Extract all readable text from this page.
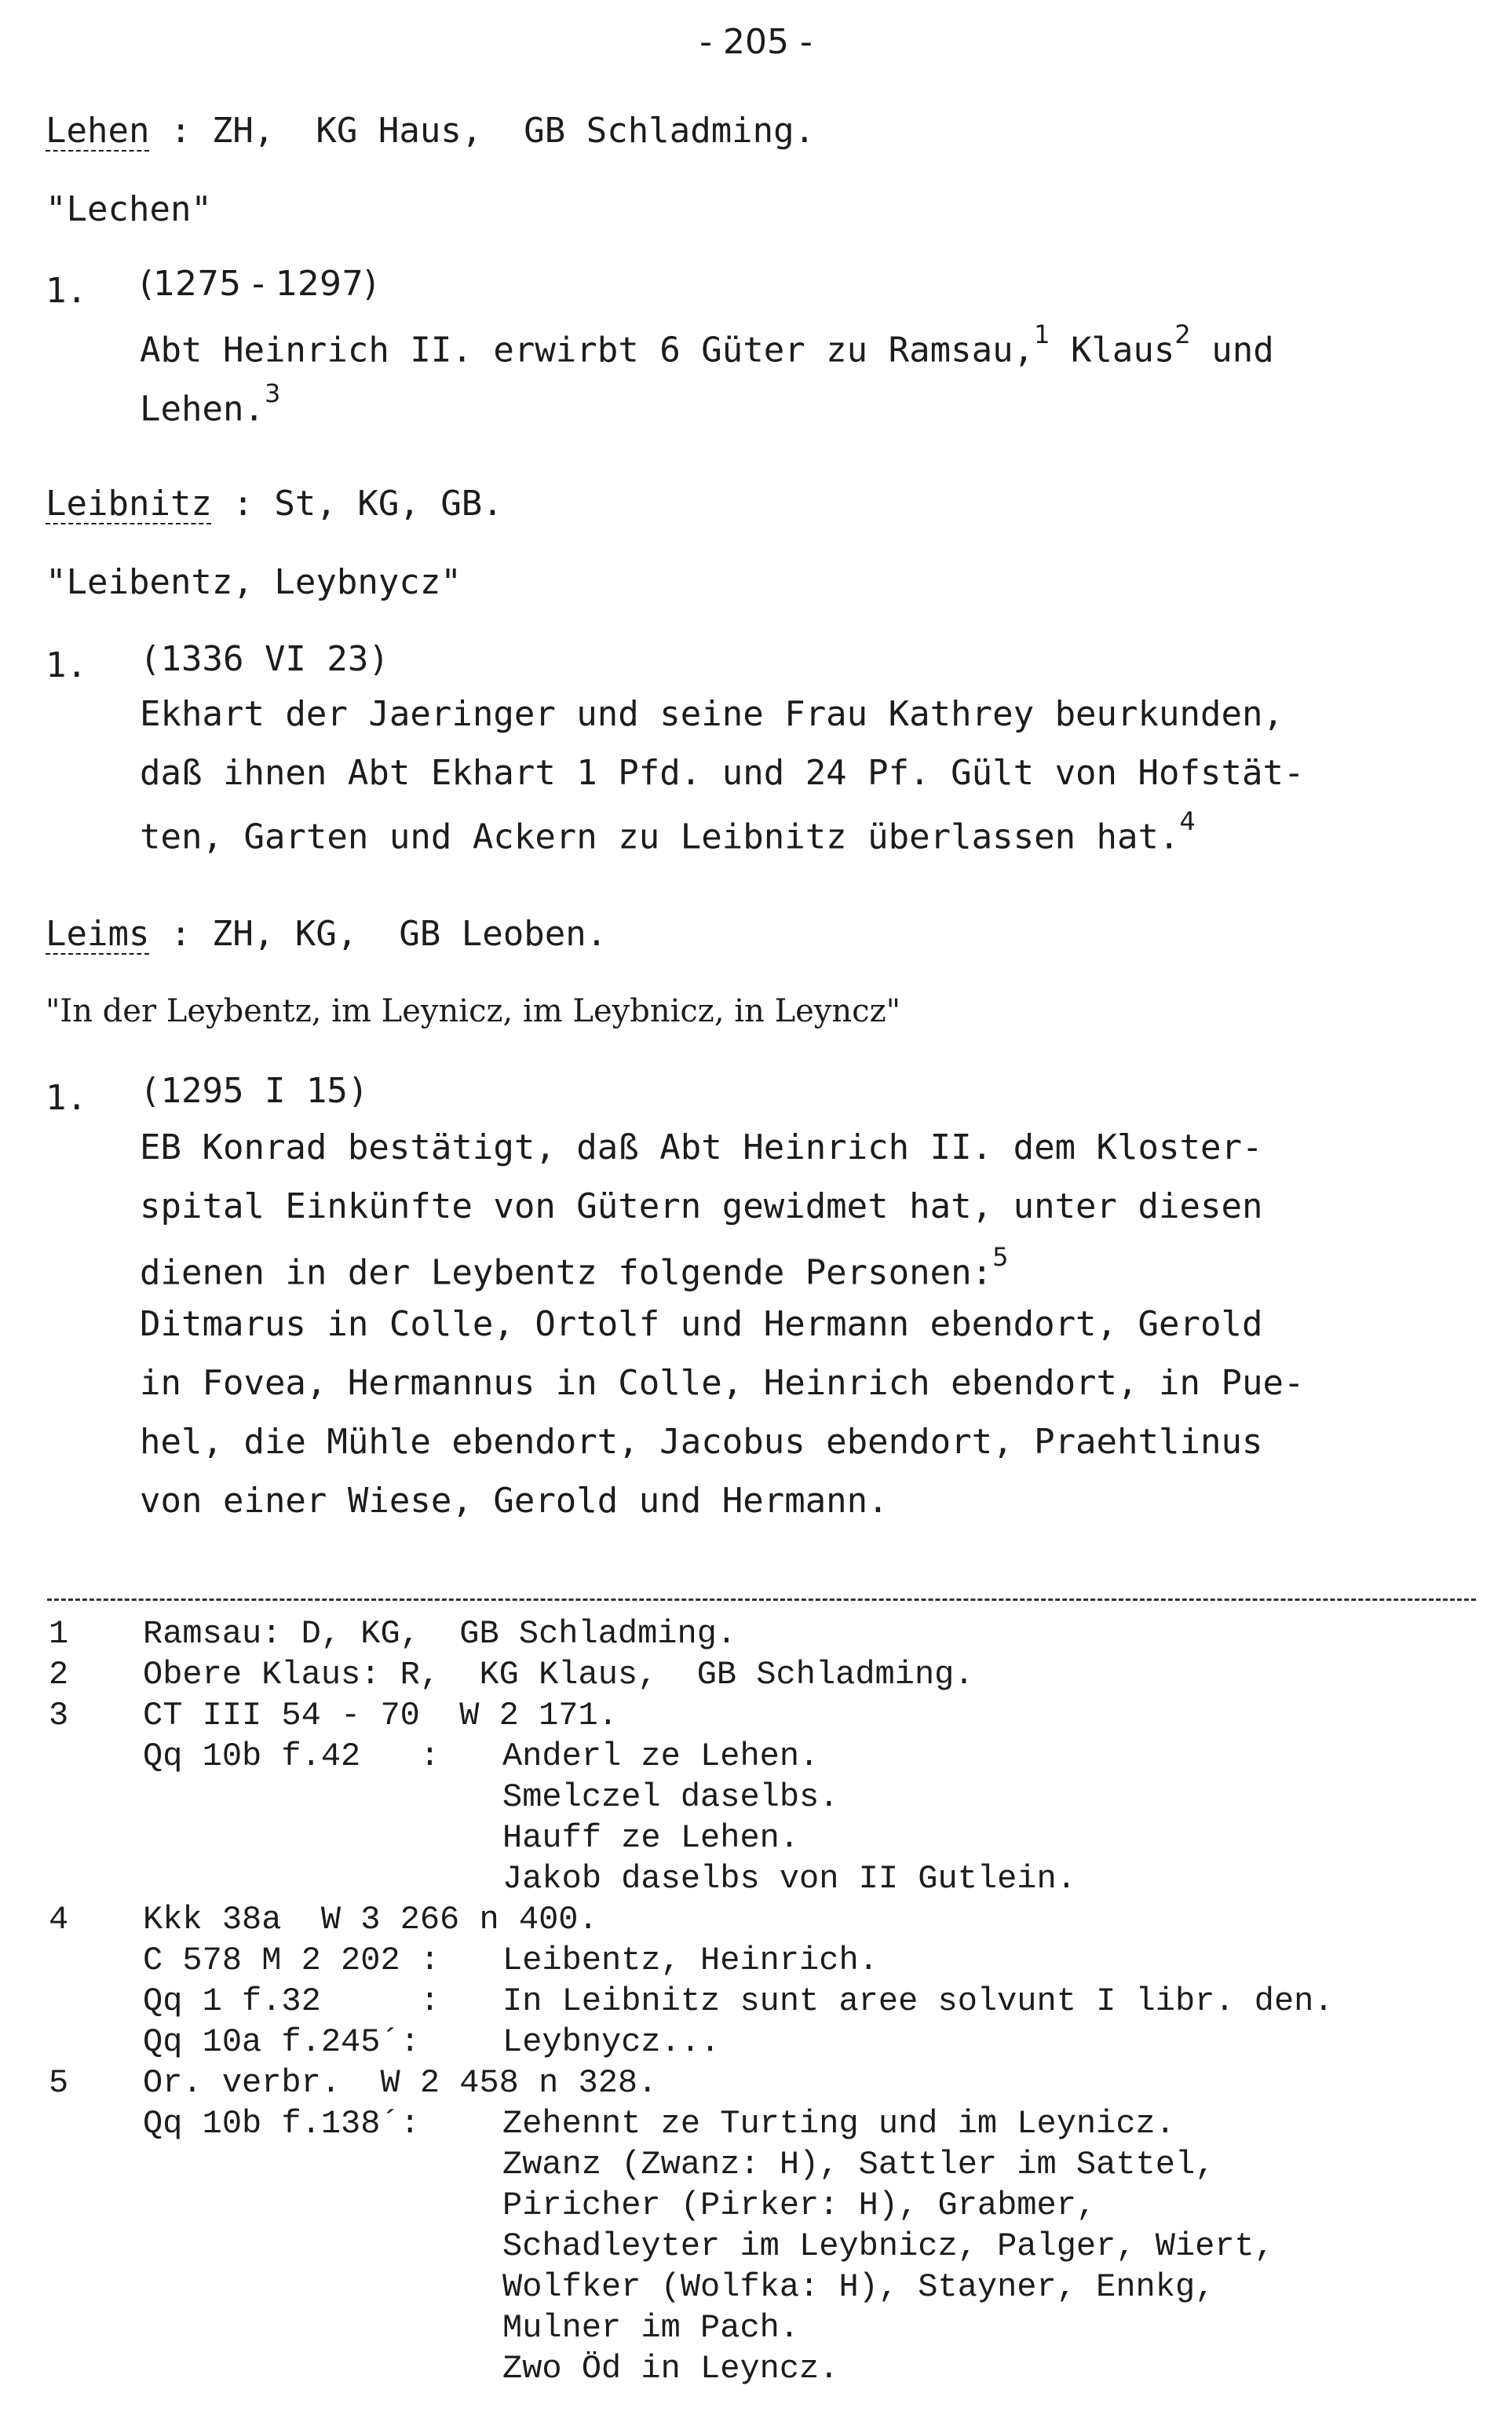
- 205 -
Lehen : ZH,  KG Haus,  GB Schladming.
"Lechen"
1. (1275 - 1297)
Abt Heinrich II. erwirbt 6 Güter zu Ramsau,$^1$ Klaus$^2$ und
Lehen.$^3$
Leibnitz : St, KG, GB.
"Leibentz, Leybnycz"
1. (1336 VI 23)
Ekhart der Jaeringer und seine Frau Kathrey beurkunden,
daß ihnen Abt Ekhart 1 Pfd. und 24 Pf. Gült von Hofstät-
ten, Garten und Ackern zu Leibnitz überlassen hat.$^4$
Leims : ZH, KG,  GB Leoben.
"In der Leybentz, im Leynicz, im Leybnicz, in Leyncz"
1. (1295 I 15)
EB Konrad bestätigt, daß Abt Heinrich II. dem Kloster-
spital Einkünfte von Gütern gewidmet hat, unter diesen
dienen in der Leybentz folgende Personen:$^5$
Ditmarus in Colle, Ortolf und Hermann ebendort, Gerold
in Fovea, Hermannus in Colle, Heinrich ebendort, in Pue-
hel, die Mühle ebendort, Jacobus ebendort, Praehtlinus
von einer Wiese, Gerold und Hermann.
1 Ramsau: D, KG,  GB Schladming.
2 Obere Klaus: R,  KG Klaus,  GB Schladming.
3 CT III 54 - 70  W 2 171.
Qq 10b f.42   : Anderl ze Lehen.
Smelczel daselbs.
Hauff ze Lehen.
Jakob daselbs von II Gutlein.
4 Kkk 38a  W 3 266 n 400.
C 578 M 2 202 : Leibentz, Heinrich.
Qq 1 f.32     : In Leibnitz sunt aree solvunt I libr. den.
Qq 10a f.245´:	Leybnycz...
5 Or. verbr.  W 2 458 n 328.
Qq 10b f.138´:	Zehennt ze Turting und im Leynicz.
Zwanz (Zwanz: H), Sattler im Sattel,
Piricher (Pirker: H), Grabmer,
Schadleyter im Leybnicz, Palger, Wiert,
Wolfker (Wolfka: H), Stayner, Ennkg,
Mulner im Pach.
Zwo Öd in Leyncz.
